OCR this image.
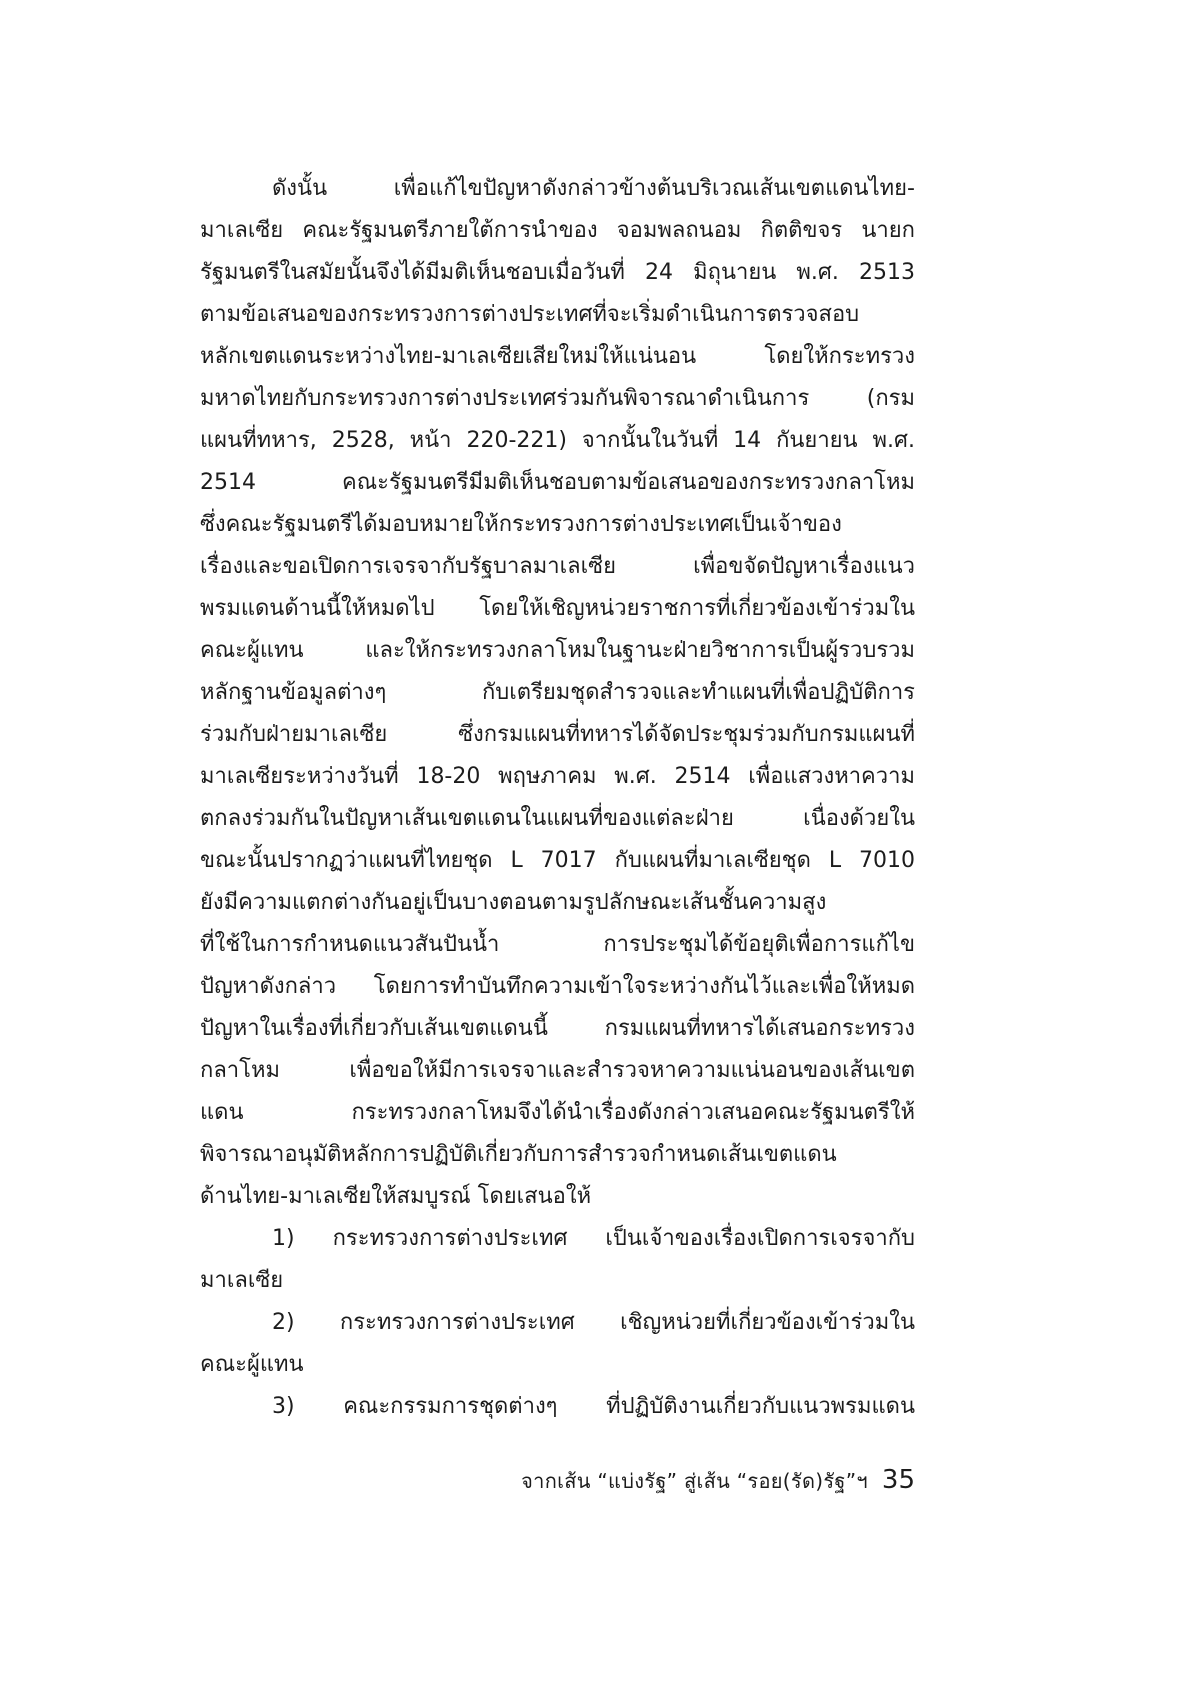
ดังนั้น เพื่อแก้ไขปัญหาดังกล่าวข้างต้นบริเวณเส้นเขตแดนไทย-
มาเลเซีย คณะรัฐมนตรีภายใต้การนำของ จอมพลถนอม กิตติขจร นายก
รัฐมนตรีในสมัยนั้นจึงได้มีมติเห็นชอบเมื่อวันที่ 24 มิถุนายน พ.ศ. 2513
ตามข้อเสนอของกระทรวงการต่างประเทศที่จะเริ่มดำเนินการตรวจสอบ
หลักเขตแดนระหว่างไทย-มาเลเซียเสียใหม่ให้แน่นอน โดยให้กระทรวง
มหาดไทยกับกระทรวงการต่างประเทศร่วมกันพิจารณาดำเนินการ (กรม
แผนที่ทหาร, 2528, หน้า 220-221) จากนั้นในวันที่ 14 กันยายน พ.ศ.
2514 คณะรัฐมนตรีมีมติเห็นชอบตามข้อเสนอของกระทรวงกลาโหม
ซึ่งคณะรัฐมนตรีได้มอบหมายให้กระทรวงการต่างประเทศเป็นเจ้าของ
เรื่องและขอเปิดการเจรจากับรัฐบาลมาเลเซีย เพื่อขจัดปัญหาเรื่องแนว
พรมแดนด้านนี้ให้หมดไป โดยให้เชิญหน่วยราชการที่เกี่ยวข้องเข้าร่วมใน
คณะผู้แทน และให้กระทรวงกลาโหมในฐานะฝ่ายวิชาการเป็นผู้รวบรวม
หลักฐานข้อมูลต่างๆ กับเตรียมชุดสำรวจและทำแผนที่เพื่อปฏิบัติการ
ร่วมกับฝ่ายมาเลเซีย ซึ่งกรมแผนที่ทหารได้จัดประชุมร่วมกับกรมแผนที่
มาเลเซียระหว่างวันที่ 18-20 พฤษภาคม พ.ศ. 2514 เพื่อแสวงหาความ
ตกลงร่วมกันในปัญหาเส้นเขตแดนในแผนที่ของแต่ละฝ่าย เนื่องด้วยใน
ขณะนั้นปรากฏว่าแผนที่ไทยชุด L 7017 กับแผนที่มาเลเซียชุด L 7010
ยังมีความแตกต่างกันอยู่เป็นบางตอนตามรูปลักษณะเส้นชั้นความสูง
ที่ใช้ในการกำหนดแนวสันปันน้ำ การประชุมได้ข้อยุติเพื่อการแก้ไข
ปัญหาดังกล่าว โดยการทำบันทึกความเข้าใจระหว่างกันไว้และเพื่อให้หมด
ปัญหาในเรื่องที่เกี่ยวกับเส้นเขตแดนนี้ กรมแผนที่ทหารได้เสนอกระทรวง
กลาโหม เพื่อขอให้มีการเจรจาและสำรวจหาความแน่นอนของเส้นเขต
แดน กระทรวงกลาโหมจึงได้นำเรื่องดังกล่าวเสนอคณะรัฐมนตรีให้
พิจารณาอนุมัติหลักการปฏิบัติเกี่ยวกับการสำรวจกำหนดเส้นเขตแดน
ด้านไทย-มาเลเซียให้สมบูรณ์ โดยเสนอให้
1) กระทรวงการต่างประเทศ เป็นเจ้าของเรื่องเปิดการเจรจากับ
มาเลเซีย
2) กระทรวงการต่างประเทศ เชิญหน่วยที่เกี่ยวข้องเข้าร่วมใน
คณะผู้แทน
3) คณะกรรมการชุดต่างๆ ที่ปฏิบัติงานเกี่ยวกับแนวพรมแดน
จากเส้น “แบ่งรัฐ” สู่เส้น “รอย(รัด)รัฐ”ฯ 35
